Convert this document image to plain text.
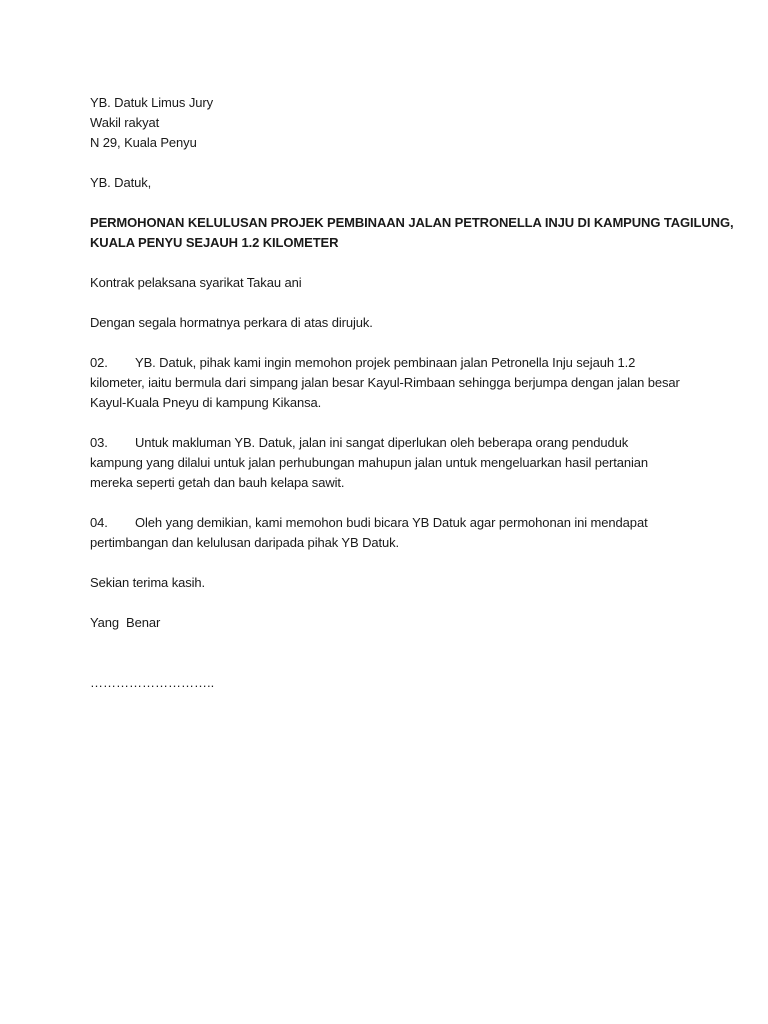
YB. Datuk Limus Jury
Wakil rakyat
N 29, Kuala Penyu
YB. Datuk,
PERMOHONAN KELULUSAN PROJEK PEMBINAAN JALAN PETRONELLA INJU DI KAMPUNG TAGILUNG,
KUALA PENYU SEJAUH 1.2 KILOMETER
Kontrak pelaksana syarikat Takau ani
Dengan segala hormatnya perkara di atas dirujuk.
02. YB. Datuk, pihak kami ingin memohon projek pembinaan jalan Petronella Inju sejauh 1.2
kilometer, iaitu bermula dari simpang jalan besar Kayul-Rimbaan sehingga berjumpa dengan jalan besar
Kayul-Kuala Pneyu di kampung Kikansa.
03. Untuk makluman YB. Datuk, jalan ini sangat diperlukan oleh beberapa orang penduduk
kampung yang dilalui untuk jalan perhubungan mahupun jalan untuk mengeluarkan hasil pertanian
mereka seperti getah dan bauh kelapa sawit.
04. Oleh yang demikian, kami memohon budi bicara YB Datuk agar permohonan ini mendapat
pertimbangan dan kelulusan daripada pihak YB Datuk.
Sekian terima kasih.
Yang  Benar
………………………..
